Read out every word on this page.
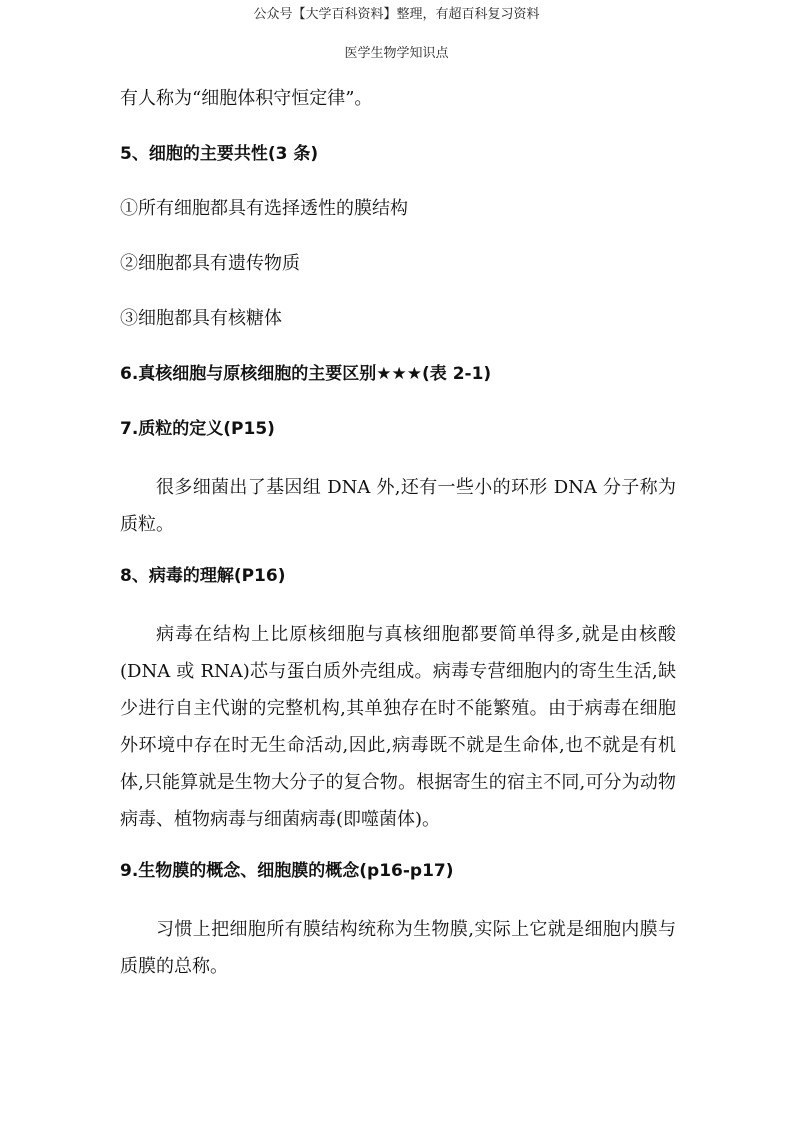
公众号【大学百科资料】整理，有超百科复习资料
医学生物学知识点

有人称为“细胞体积守恒定律”。

5、细胞的主要共性(3 条)

①所有细胞都具有选择透性的膜结构

②细胞都具有遗传物质

③细胞都具有核糖体

6.真核细胞与原核细胞的主要区别★★★(表 2-1)

7.质粒的定义(P15)

很多细菌出了基因组 DNA 外,还有一些小的环形 DNA 分子称为质粒。

8、病毒的理解(P16)

病毒在结构上比原核细胞与真核细胞都要简单得多,就是由核酸(DNA 或 RNA)芯与蛋白质外壳组成。病毒专营细胞内的寄生生活,缺少进行自主代谢的完整机构,其单独存在时不能繁殖。由于病毒在细胞外环境中存在时无生命活动,因此,病毒既不就是生命体,也不就是有机体,只能算就是生物大分子的复合物。根据寄生的宿主不同,可分为动物病毒、植物病毒与细菌病毒(即噬菌体)。

9.生物膜的概念、细胞膜的概念(p16-p17)

习惯上把细胞所有膜结构统称为生物膜,实际上它就是细胞内膜与质膜的总称。
